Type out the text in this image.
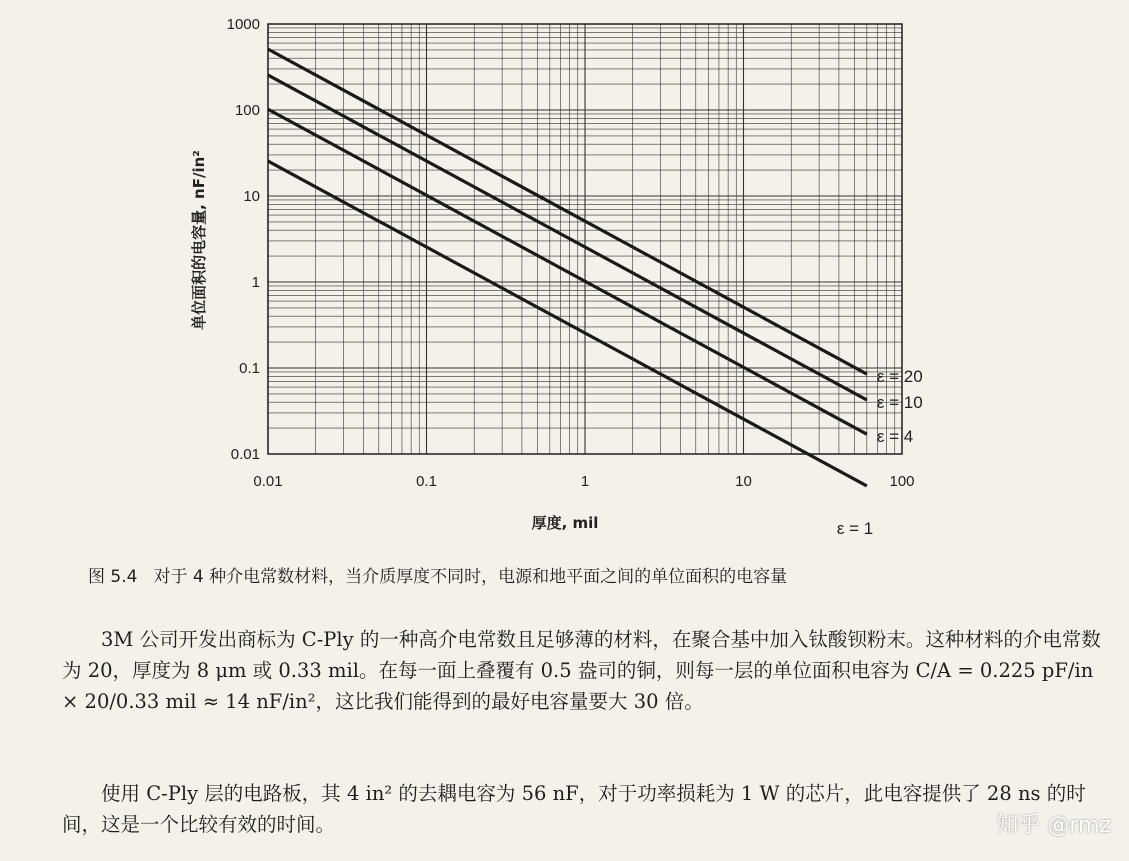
0.01	0.1	1	10	100
1000
100
10
1
0.1
0.01
ε = 20
ε = 10
ε = 4
ε = 1
厚度, mil
单位面积的电容量, nF/in²
图 5.4 对于 4 种介电常数材料，当介质厚度不同时，电源和地平面之间的单位面积的电容量

3M 公司开发出商标为 C-Ply 的一种高介电常数且足够薄的材料，在聚合基中加入钛酸钡粉末。这种材料的介电常数为 20，厚度为 8 μm 或 0.33 mil。在每一面上叠覆有 0.5 盎司的铜，则每一层的单位面积电容为 C/A = 0.225 pF/in × 20/0.33 mil ≈ 14 nF/in²，这比我们能得到的最好电容量要大 30 倍。

使用 C-Ply 层的电路板，其 4 in² 的去耦电容为 56 nF，对于功率损耗为 1 W 的芯片，此电容提供了 28 ns 的时间，这是一个比较有效的时间。	知乎 @rmz
